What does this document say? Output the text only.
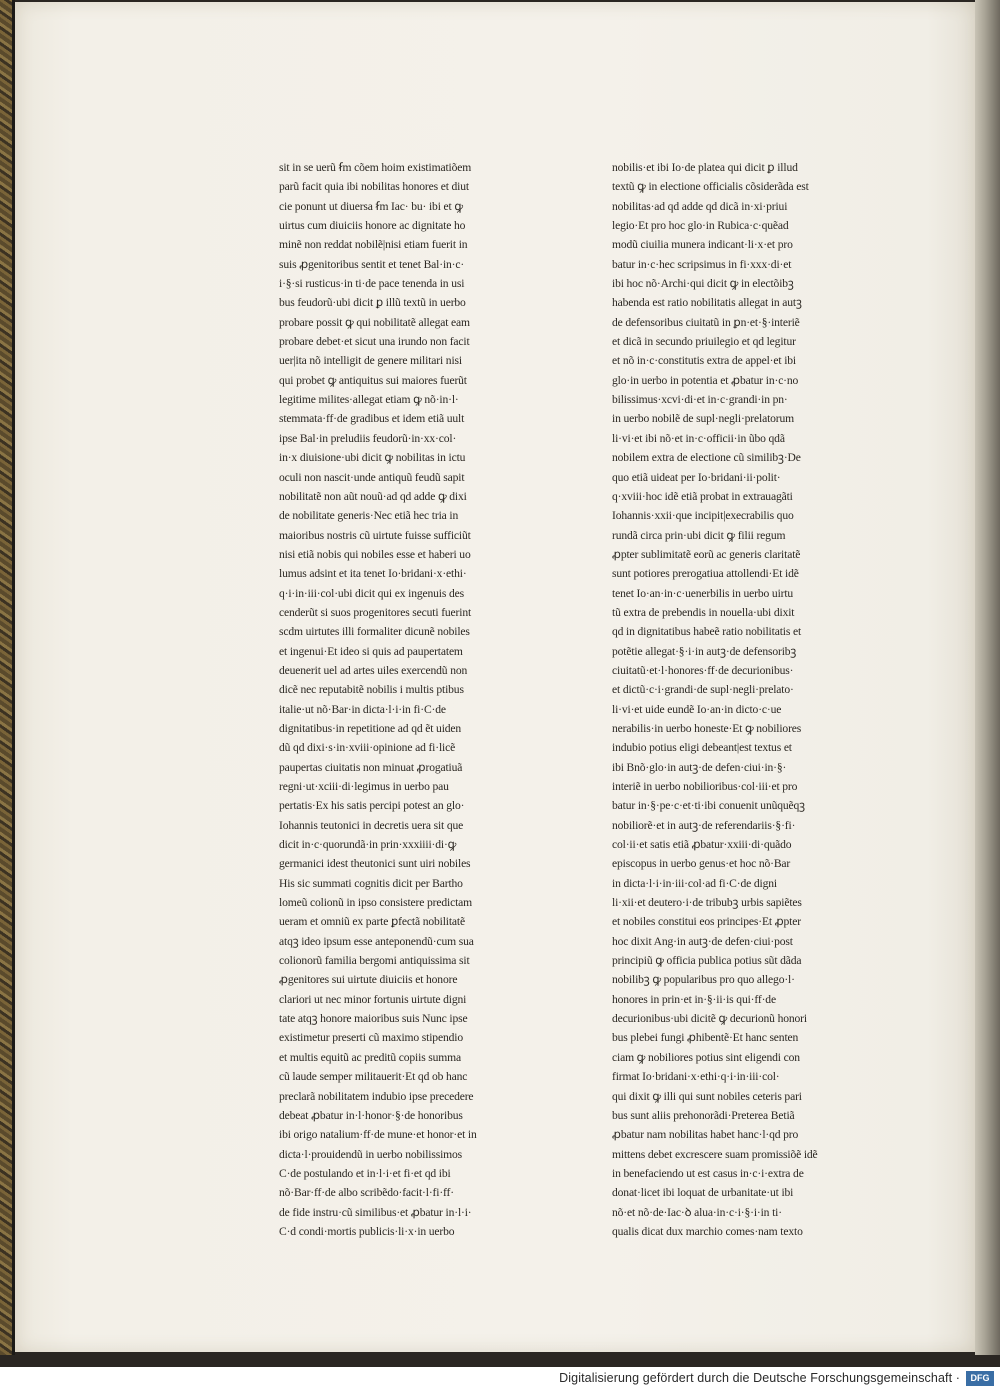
sit in se uerũ ẜm cõem hoim existimatiõem
parũ facit quia ibi nobilitas honores et diut
cie ponunt ut diuersa ẜm Iac· bu· ibi et ꝙ
uirtus cum diuiciis honore ac dignitate ho
minẽ non reddat nobilẽ|nisi etiam fuerit in
suis ꝓgenitoribus sentit et tenet Bal·in·c·
i·§·si rusticus·in ti·de pace tenenda in usi
bus feudorũ·ubi dicit ꝑ illũ textũ in uerbo
probare possit ꝙ qui nobilitatẽ allegat eam
probare debet·et sicut una irundo non facit
uer|ita nõ intelligit de genere militari nisi
qui probet ꝙ antiquitus sui maiores fuerũt
legitime milites·allegat etiam ꝙ nõ·in·l·
stemmata·ff·de gradibus et idem etiã uult
ipse Bal·in preludiis feudorũ·in·xx·col·
in·x diuisione·ubi dicit ꝙ nobilitas in ictu
oculi non nascit·unde antiquũ feudũ sapit
nobilitatẽ non aũt nouũ·ad qd adde ꝙ dixi
de nobilitate generis·Nec etiã hec tria in
maioribus nostris cũ uirtute fuisse sufficiũt
nisi etiã nobis qui nobiles esse et haberi uo
lumus adsint et ita tenet Io·bridani·x·ethi·
q·i·in·iii·col·ubi dicit qui ex ingenuis des
cenderũt si suos progenitores secuti fuerint
scdm uirtutes illi formaliter dicunẽ nobiles
et ingenui·Et ideo si quis ad paupertatem
deuenerit uel ad artes uiles exercendũ non
dicẽ nec reputabitẽ nobilis i multis ptibus
italie·ut nõ·Bar·in dicta·l·i·in fi·C·de
dignitatibus·in repetitione ad qd ẽt uiden
dũ qd dixi·s·in·xviii·opinione ad fi·licẽ
paupertas ciuitatis non minuat ꝓrogatiuã
regni·ut·xciii·di·legimus in uerbo pau
pertatis·Ex his satis percipi potest an glo·
Iohannis teutonici in decretis uera sit que
dicit in·c·quorundã·in prin·xxxiiii·di·ꝙ
germanici idest theutonici sunt uiri nobiles
His sic summati cognitis dicit per Bartho
lomeũ colionũ in ipso consistere predictam
ueram et omniũ ex parte ꝑfectã nobilitatẽ
atqꝫ ideo ipsum esse anteponendũ·cum sua
colionorũ familia bergomi antiquissima sit
ꝓgenitores sui uirtute diuiciis et honore
clariori ut nec minor fortunis uirtute digni
tate atqꝫ honore maioribus suis Nunc ipse
existimetur preserti cũ maximo stipendio
et multis equitũ ac preditũ copiis summa
cũ laude semper militauerit·Et qd ob hanc
preclarã nobilitatem indubio ipse precedere
debeat ꝓbatur in·l·honor·§·de honoribus
ibi origo natalium·ff·de mune·et honor·et in
dicta·l·prouidendũ in uerbo nobilissimos
C·de postulando et in·l·i·et fi·et qd ibi
nõ·Bar·ff·de albo scribẽdo·facit·l·fi·ff·
de fide instru·cũ similibus·et ꝓbatur in·l·i·
C·d condi·mortis publicis·li·x·in uerbo
nobilis·et ibi Io·de platea qui dicit ꝑ illud
textũ ꝙ in electione officialis cõsiderãda est
nobilitas·ad qd adde qd dicã in·xi·priui
legio·Et pro hoc glo·in Rubica·c·quẽad
modũ ciuilia munera indicant·li·x·et pro
batur in·c·hec scripsimus in fi·xxx·di·et
ibi hoc nõ·Archi·qui dicit ꝙ in electõibꝫ
habenda est ratio nobilitatis allegat in autꝫ
de defensoribus ciuitatũ in ꝑn·et·§·interiẽ
et dicã in secundo priuilegio et qd legitur
et nõ in·c·constitutis extra de appel·et ibi
glo·in uerbo in potentia et ꝓbatur in·c·no
bilissimus·xcvi·di·et in·c·grandi·in pn·
in uerbo nobilẽ de supl·negli·prelatorum
li·vi·et ibi nõ·et in·c·officii·in ũbo qdã
nobilem extra de electione cũ similibꝫ·De
quo etiã uideat per Io·bridani·ii·polit·
q·xviii·hoc idẽ etiã probat in extrauagãti
Iohannis·xxii·que incipit|execrabilis quo
rundã circa prin·ubi dicit ꝙ filii regum
ꝓpter sublimitatẽ eorũ ac generis claritatẽ
sunt potiores prerogatiua attollendi·Et idẽ
tenet Io·an·in·c·uenerbilis in uerbo uirtu
tũ extra de prebendis in nouella·ubi dixit
qd in dignitatibus habeẽ ratio nobilitatis et
potẽtie allegat·§·i·in autꝫ·de defensoribꝫ
ciuitatũ·et·l·honores·ff·de decurionibus·
et dictũ·c·i·grandi·de supl·negli·prelato·
li·vi·et uide eundẽ Io·an·in dicto·c·ue
nerabilis·in uerbo honeste·Et ꝙ nobiliores
indubio potius eligi debeant|est textus et
ibi Bnõ·glo·in autꝫ·de defen·ciui·in·§·
interiẽ in uerbo nobilioribus·col·iii·et pro
batur in·§·pe·c·et·ti·ibi conuenit unũquẽqꝫ
nobiliorẽ·et in autꝫ·de referendariis·§·fi·
col·ii·et satis etiã ꝓbatur·xxiii·di·quãdo
episcopus in uerbo genus·et hoc nõ·Bar
in dicta·l·i·in·iii·col·ad fi·C·de digni
li·xii·et deutero·i·de tribubꝫ urbis sapiẽtes
et nobiles constitui eos principes·Et ꝓpter
hoc dixit Ang·in autꝫ·de defen·ciui·post
principiũ ꝙ officia publica potius sũt dãda
nobilibꝫ ꝙ popularibus pro quo allego·l·
honores in prin·et in·§·ii·is qui·ff·de
decurionibus·ubi dicitẽ ꝙ decurionũ honori
bus plebei fungi ꝓhibentẽ·Et hanc senten
ciam ꝙ nobiliores potius sint eligendi con
firmat Io·bridani·x·ethi·q·i·in·iii·col·
qui dixit ꝙ illi qui sunt nobiles ceteris pari
bus sunt aliis prehonorãdi·Preterea Betiã
ꝓbatur nam nobilitas habet hanc·l·qd pro
mittens debet excrescere suam promissiõẽ idẽ
in benefaciendo ut est casus in·c·i·extra de
donat·licet ibi loquat de urbanitate·ut ibi
nõ·et nõ·de·Iac·ꝺ alua·in·c·i·§·i·in ti·
qualis dicat dux marchio comes·nam texto
Digitalisierung gefördert durch die Deutsche Forschungsgemeinschaft ·	DFG
